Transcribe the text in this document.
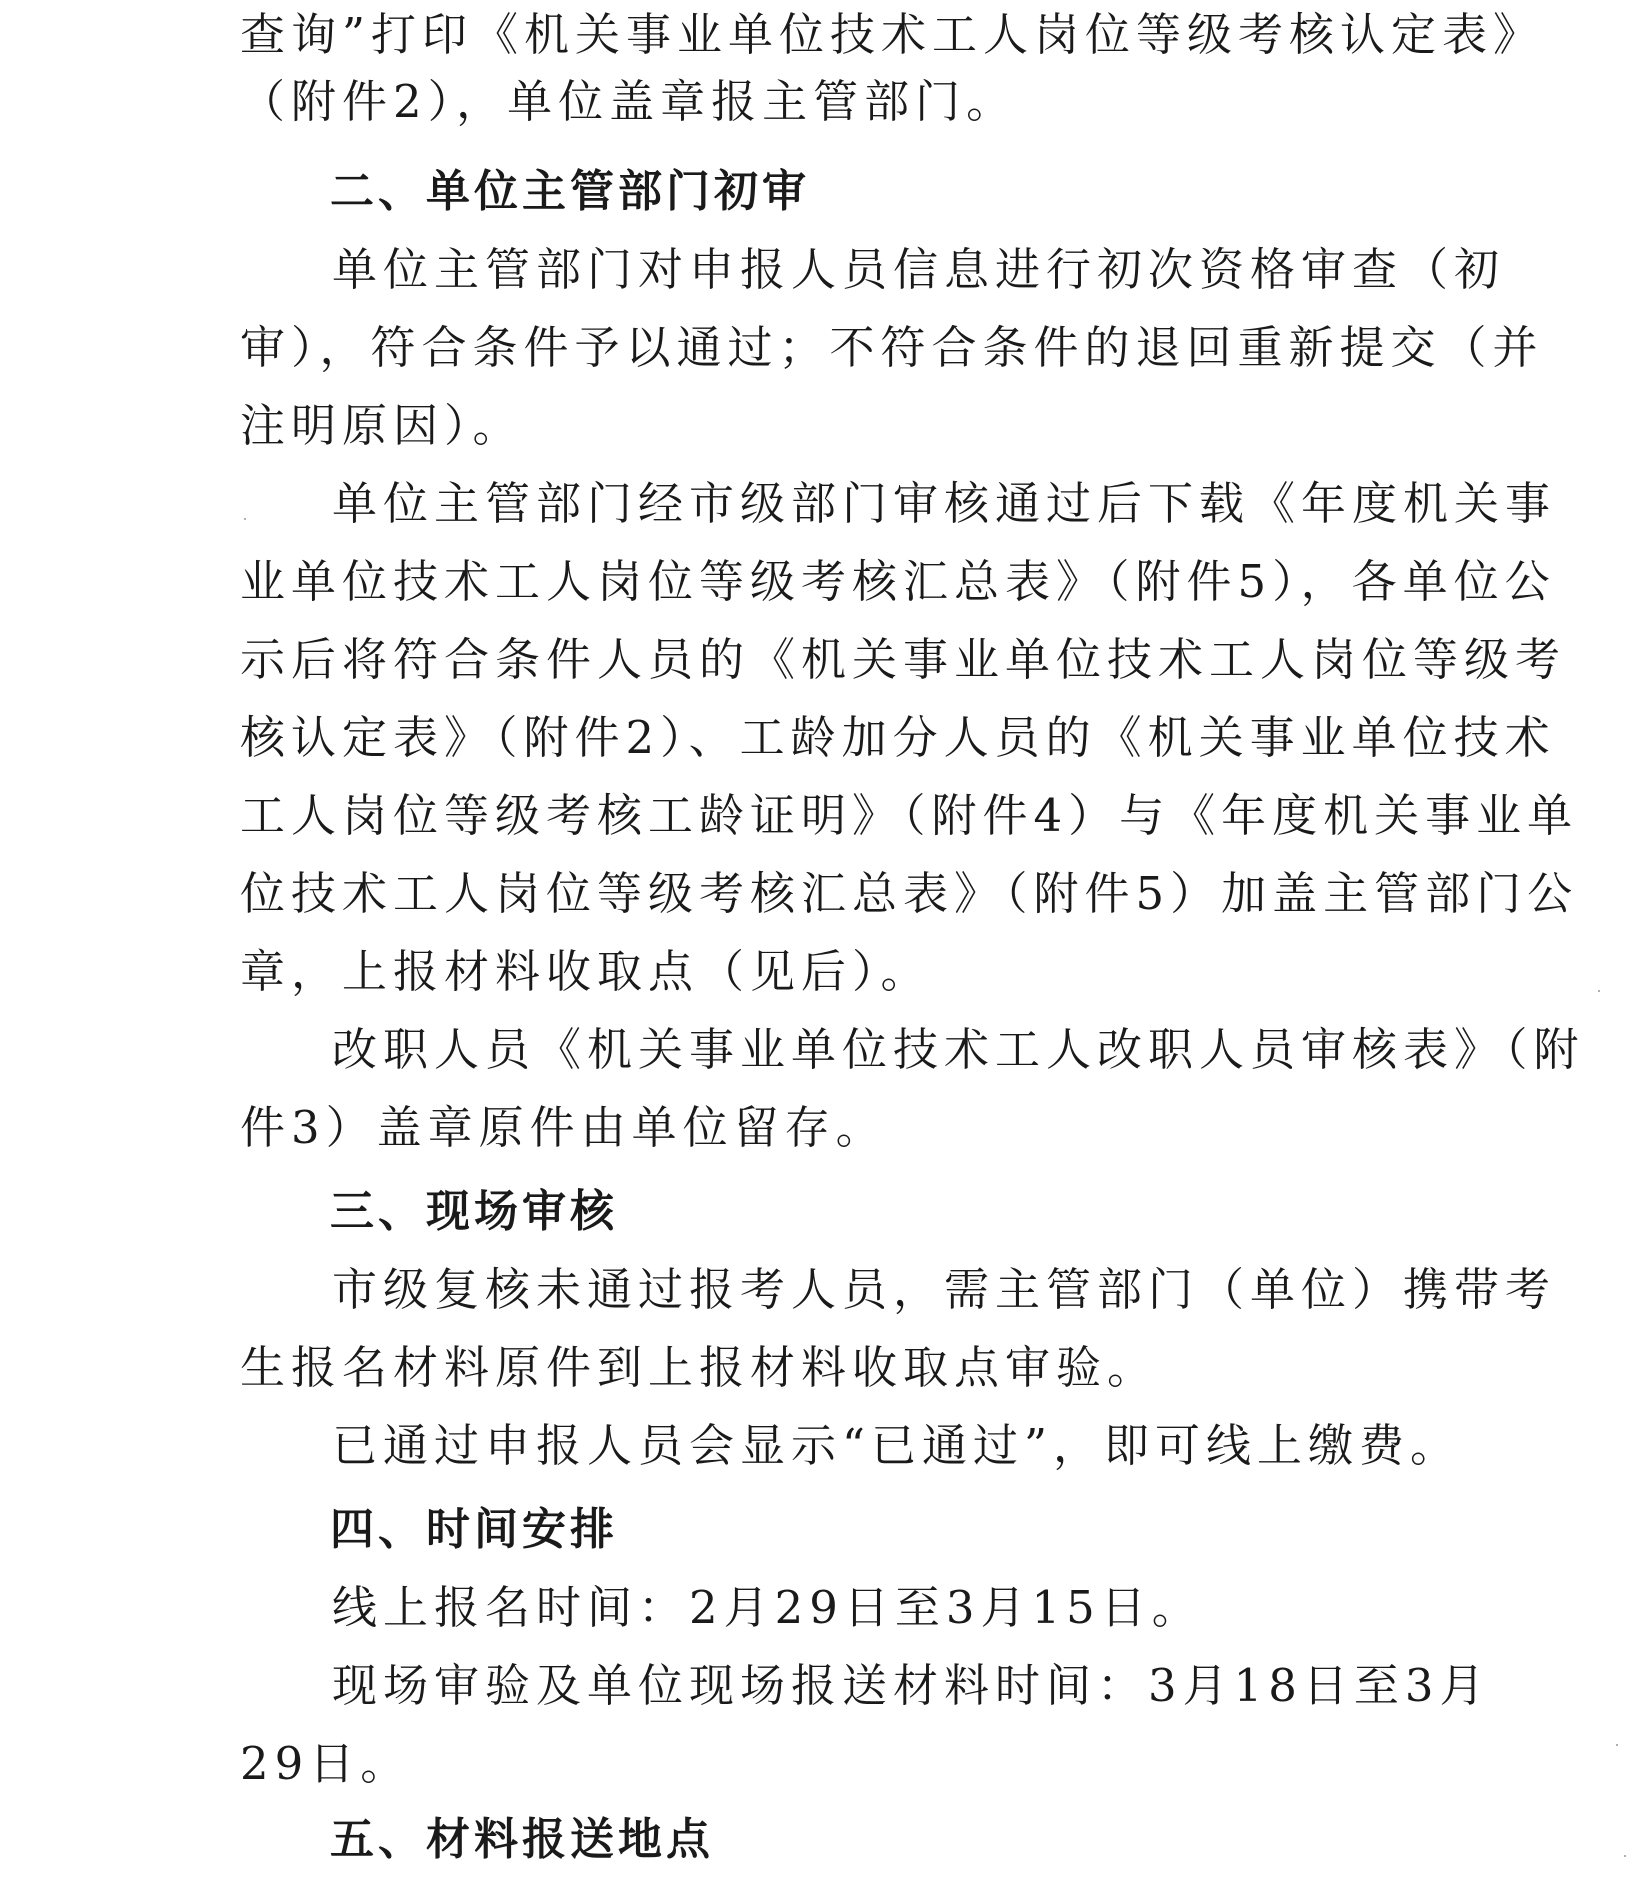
查询”打印《机关事业单位技术工人岗位等级考核认定表》
（附件2），单位盖章报主管部门。
二、单位主管部门初审
单位主管部门对申报人员信息进行初次资格审查（初
审），符合条件予以通过；不符合条件的退回重新提交（并
注明原因）。
单位主管部门经市级部门审核通过后下载《年度机关事
业单位技术工人岗位等级考核汇总表》（附件5），各单位公
示后将符合条件人员的《机关事业单位技术工人岗位等级考
核认定表》（附件2）、工龄加分人员的《机关事业单位技术
工人岗位等级考核工龄证明》（附件4）与《年度机关事业单
位技术工人岗位等级考核汇总表》（附件5）加盖主管部门公
章，上报材料收取点（见后）。
改职人员《机关事业单位技术工人改职人员审核表》（附
件3）盖章原件由单位留存。
三、现场审核
市级复核未通过报考人员，需主管部门（单位）携带考
生报名材料原件到上报材料收取点审验。
已通过申报人员会显示“已通过”，即可线上缴费。
四、时间安排
线上报名时间：2月29日至3月15日。
现场审验及单位现场报送材料时间：3月18日至3月
29日。
五、材料报送地点
